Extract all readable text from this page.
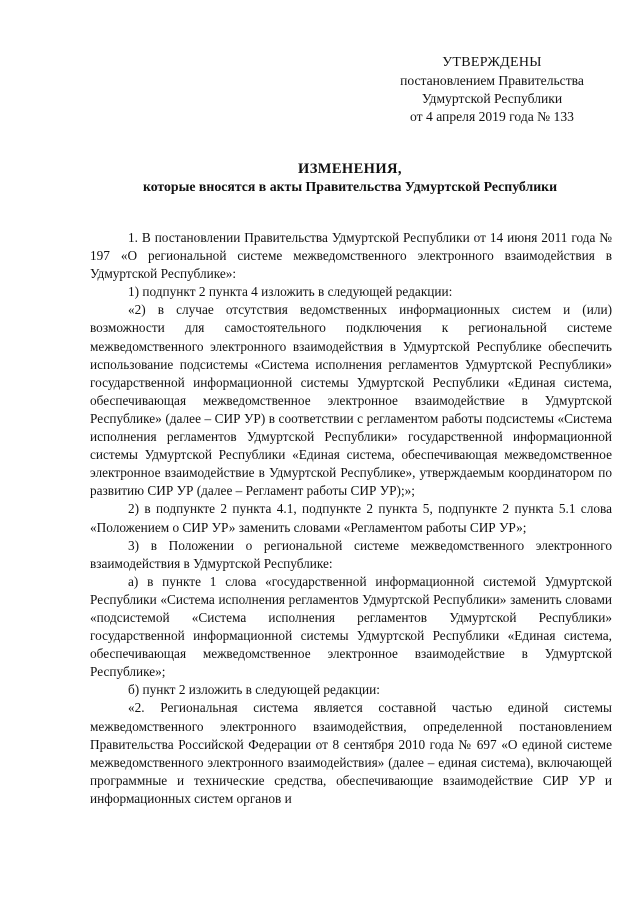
УТВЕРЖДЕНЫ
постановлением Правительства
Удмуртской Республики
от 4 апреля 2019 года № 133
ИЗМЕНЕНИЯ,
которые вносятся в акты Правительства Удмуртской Республики

1. В постановлении Правительства Удмуртской Республики от 14 июня 2011 года № 197 «О региональной системе межведомственного электронного взаимодействия в Удмуртской Республике»:

1) подпункт 2 пункта 4 изложить в следующей редакции:

«2) в случае отсутствия ведомственных информационных систем и (или) возможности для самостоятельного подключения к региональной системе межведомственного электронного взаимодействия в Удмуртской Республике обеспечить использование подсистемы «Система исполнения регламентов Удмуртской Республики» государственной информационной системы Удмуртской Республики «Единая система, обеспечивающая межведомственное электронное взаимодействие в Удмуртской Республике» (далее – СИР УР) в соответствии с регламентом работы подсистемы «Система исполнения регламентов Удмуртской Республики» государственной информационной системы Удмуртской Республики «Единая система, обеспечивающая межведомственное электронное взаимодействие в Удмуртской Республике», утверждаемым координатором по развитию СИР УР (далее – Регламент работы СИР УР);»;

2) в подпункте 2 пункта 4.1, подпункте 2 пункта 5, подпункте 2 пункта 5.1 слова «Положением о СИР УР» заменить словами «Регламентом работы СИР УР»;

3) в Положении о региональной системе межведомственного электронного взаимодействия в Удмуртской Республике:

а) в пункте 1 слова «государственной информационной системой Удмуртской Республики «Система исполнения регламентов Удмуртской Республики» заменить словами «подсистемой «Система исполнения регламентов Удмуртской Республики» государственной информационной системы Удмуртской Республики «Единая система, обеспечивающая межведомственное электронное взаимодействие в Удмуртской Республике»;

б) пункт 2 изложить в следующей редакции:

«2. Региональная система является составной частью единой системы межведомственного электронного взаимодействия, определенной постановлением Правительства Российской Федерации от 8 сентября 2010 года № 697 «О единой системе межведомственного электронного взаимодействия» (далее – единая система), включающей программные и технические средства, обеспечивающие взаимодействие СИР УР и информационных систем органов и
